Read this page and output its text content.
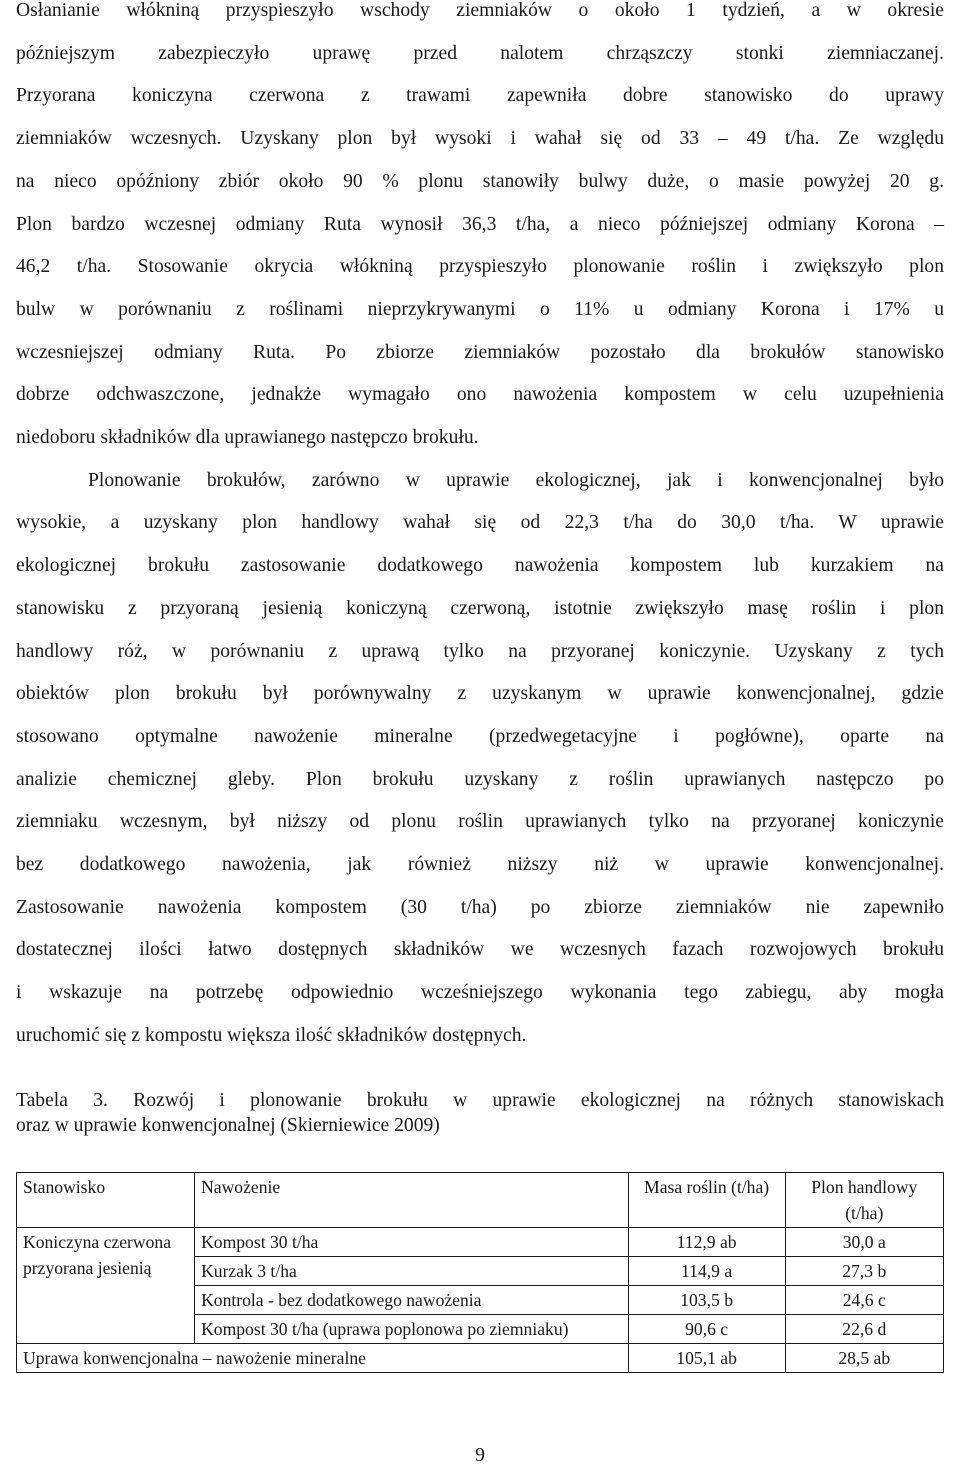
Osłanianie włókniną przyspieszyło wschody ziemniaków o około 1 tydzień, a w okresie
późniejszym zabezpieczyło uprawę przed nalotem chrząszczy stonki ziemniaczanej.
Przyorana koniczyna czerwona z trawami zapewniła dobre stanowisko do uprawy
ziemniaków wczesnych. Uzyskany plon był wysoki i wahał się od 33 – 49 t/ha. Ze względu
na nieco opóźniony zbiór około 90 % plonu stanowiły bulwy duże, o masie powyżej 20 g.
Plon bardzo wczesnej odmiany Ruta wynosił 36,3 t/ha, a nieco późniejszej odmiany Korona –
46,2 t/ha. Stosowanie okrycia włókniną przyspieszyło plonowanie roślin i zwiększyło plon
bulw w porównaniu z roślinami nieprzykrywanymi o 11% u odmiany Korona i 17% u
wczesniejszej odmiany Ruta. Po zbiorze ziemniaków pozostało dla brokułów stanowisko
dobrze odchwaszczone, jednakże wymagało ono nawożenia kompostem w celu uzupełnienia
niedoboru składników dla uprawianego następczo brokułu.

Plonowanie brokułów, zarówno w uprawie ekologicznej, jak i konwencjonalnej było
wysokie, a uzyskany plon handlowy wahał się od 22,3 t/ha do 30,0 t/ha. W uprawie
ekologicznej brokułu zastosowanie dodatkowego nawożenia kompostem lub kurzakiem na
stanowisku z przyoraną jesienią koniczyną czerwoną, istotnie zwiększyło masę roślin i plon
handlowy róż, w porównaniu z uprawą tylko na przyoranej koniczynie. Uzyskany z tych
obiektów plon brokułu był porównywalny z uzyskanym w uprawie konwencjonalnej, gdzie
stosowano optymalne nawożenie mineralne (przedwegetacyjne i pogłówne), oparte na
analizie chemicznej gleby. Plon brokułu uzyskany z roślin uprawianych następczo po
ziemniaku wczesnym, był niższy od plonu roślin uprawianych tylko na przyoranej koniczynie
bez dodatkowego nawożenia, jak również niższy niż w uprawie konwencjonalnej.
Zastosowanie nawożenia kompostem (30 t/ha) po zbiorze ziemniaków nie zapewniło
dostatecznej ilości łatwo dostępnych składników we wczesnych fazach rozwojowych brokułu
i wskazuje na potrzebę odpowiednio wcześniejszego wykonania tego zabiegu, aby mogła
uruchomić się z kompostu większa ilość składników dostępnych.

Tabela 3. Rozwój i plonowanie brokułu w uprawie ekologicznej na różnych stanowiskach
oraz w uprawie konwencjonalnej (Skierniewice 2009)
Stanowisko	Nawożenie	Masa roślin (t/ha)	Plon handlowy (t/ha)
Koniczyna czerwona przyorana jesienią	Kompost 30 t/ha	112,9 ab	30,0 a
	Kurzak 3 t/ha	114,9 a	27,3 b
	Kontrola - bez dodatkowego nawożenia	103,5 b	24,6 c
	Kompost 30 t/ha (uprawa poplonowa po ziemniaku)	90,6 c	22,6 d
Uprawa konwencjonalna – nawożenie mineralne		105,1 ab	28,5 ab
9
